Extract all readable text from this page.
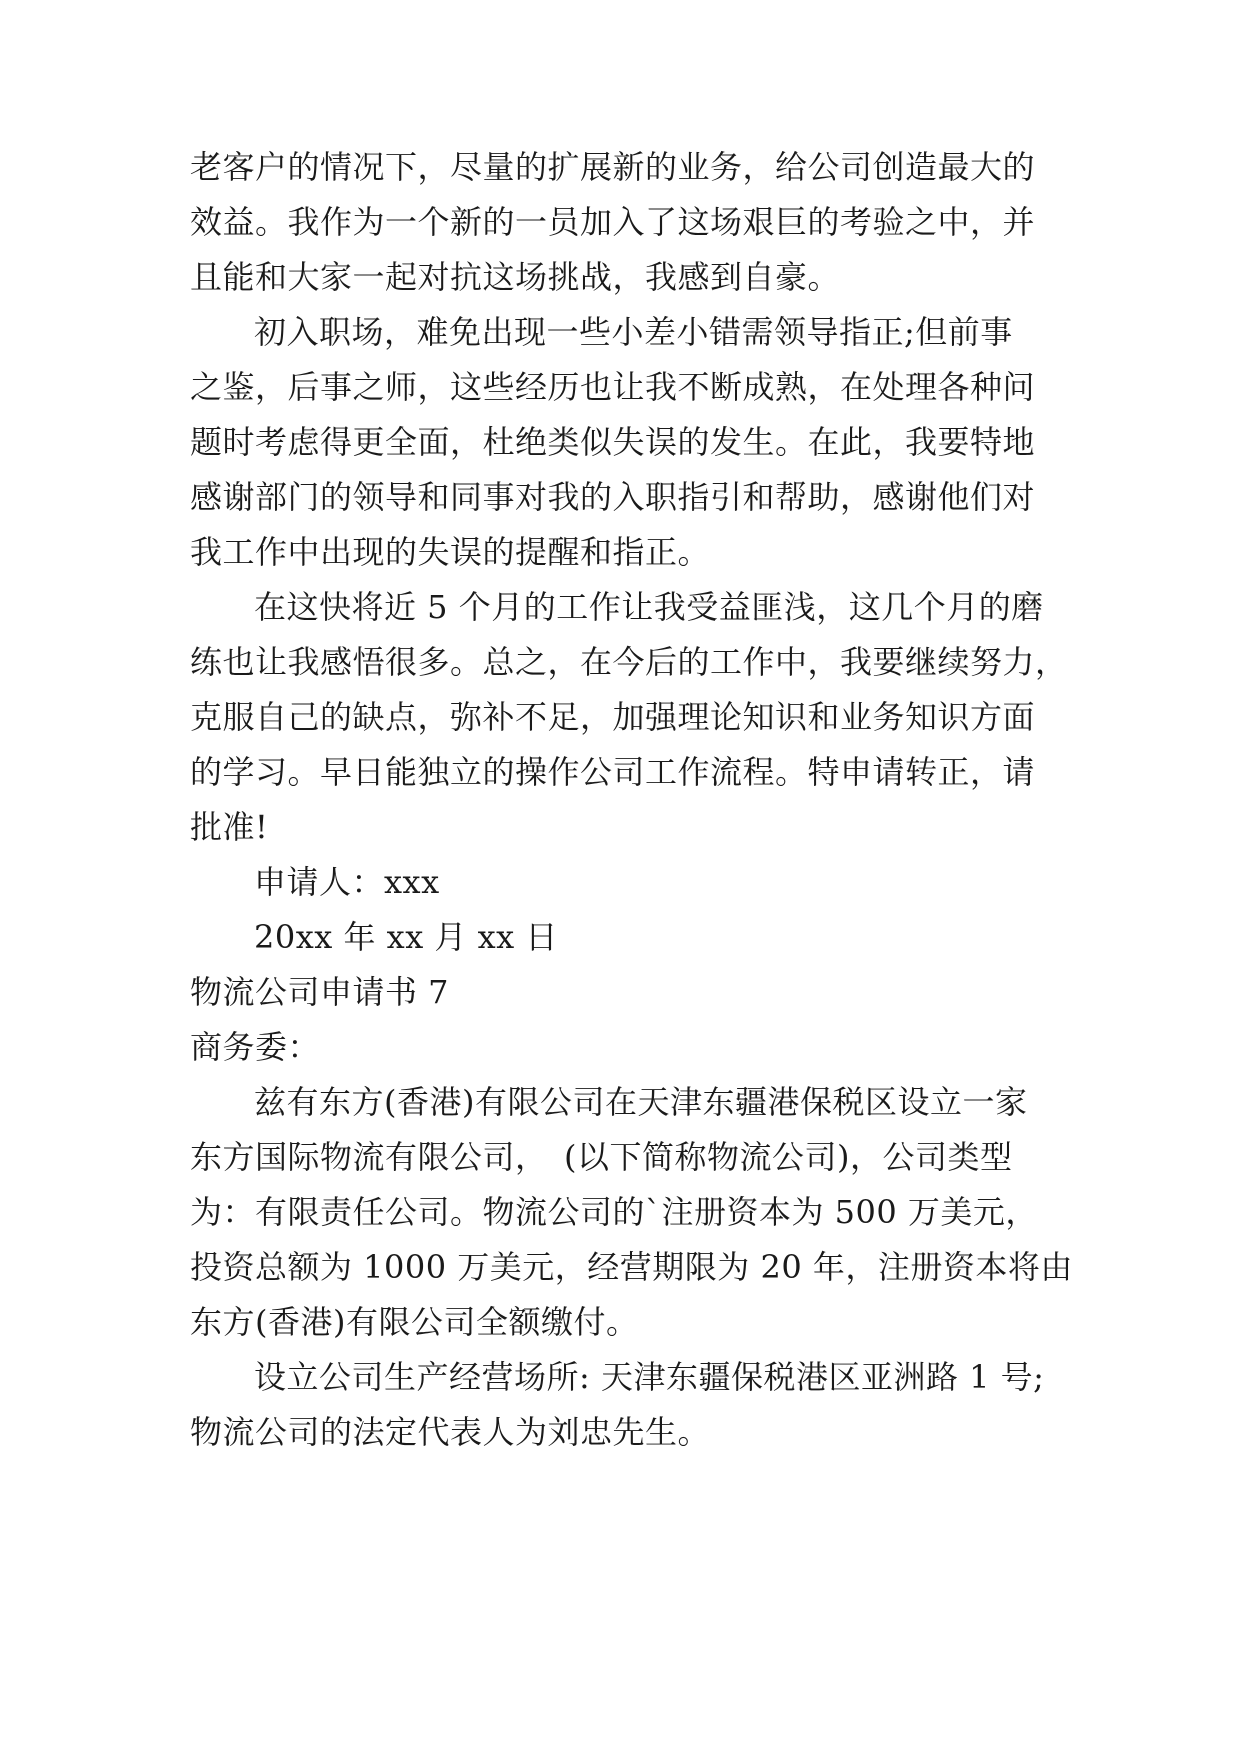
老客户的情况下，尽量的扩展新的业务，给公司创造最大的
效益。我作为一个新的一员加入了这场艰巨的考验之中，并
且能和大家一起对抗这场挑战，我感到自豪。
初入职场，难免出现一些小差小错需领导指正;但前事
之鉴，后事之师，这些经历也让我不断成熟，在处理各种问
题时考虑得更全面，杜绝类似失误的发生。在此，我要特地
感谢部门的领导和同事对我的入职指引和帮助，感谢他们对
我工作中出现的失误的提醒和指正。
在这快将近 5 个月的工作让我受益匪浅，这几个月的磨
练也让我感悟很多。总之，在今后的工作中，我要继续努力，
克服自己的缺点，弥补不足，加强理论知识和业务知识方面
的学习。早日能独立的操作公司工作流程。特申请转正，请
批准!
申请人：xxx
20xx 年 xx 月 xx 日
物流公司申请书 7
商务委：
兹有东方(香港)有限公司在天津东疆港保税区设立一家
东方国际物流有限公司，　(以下简称物流公司)，公司类型
为：有限责任公司。物流公司的`注册资本为 500 万美元，
投资总额为 1000 万美元，经营期限为 20 年，注册资本将由
东方(香港)有限公司全额缴付。
设立公司生产经营场所: 天津东疆保税港区亚洲路 1 号;
物流公司的法定代表人为刘忠先生。
